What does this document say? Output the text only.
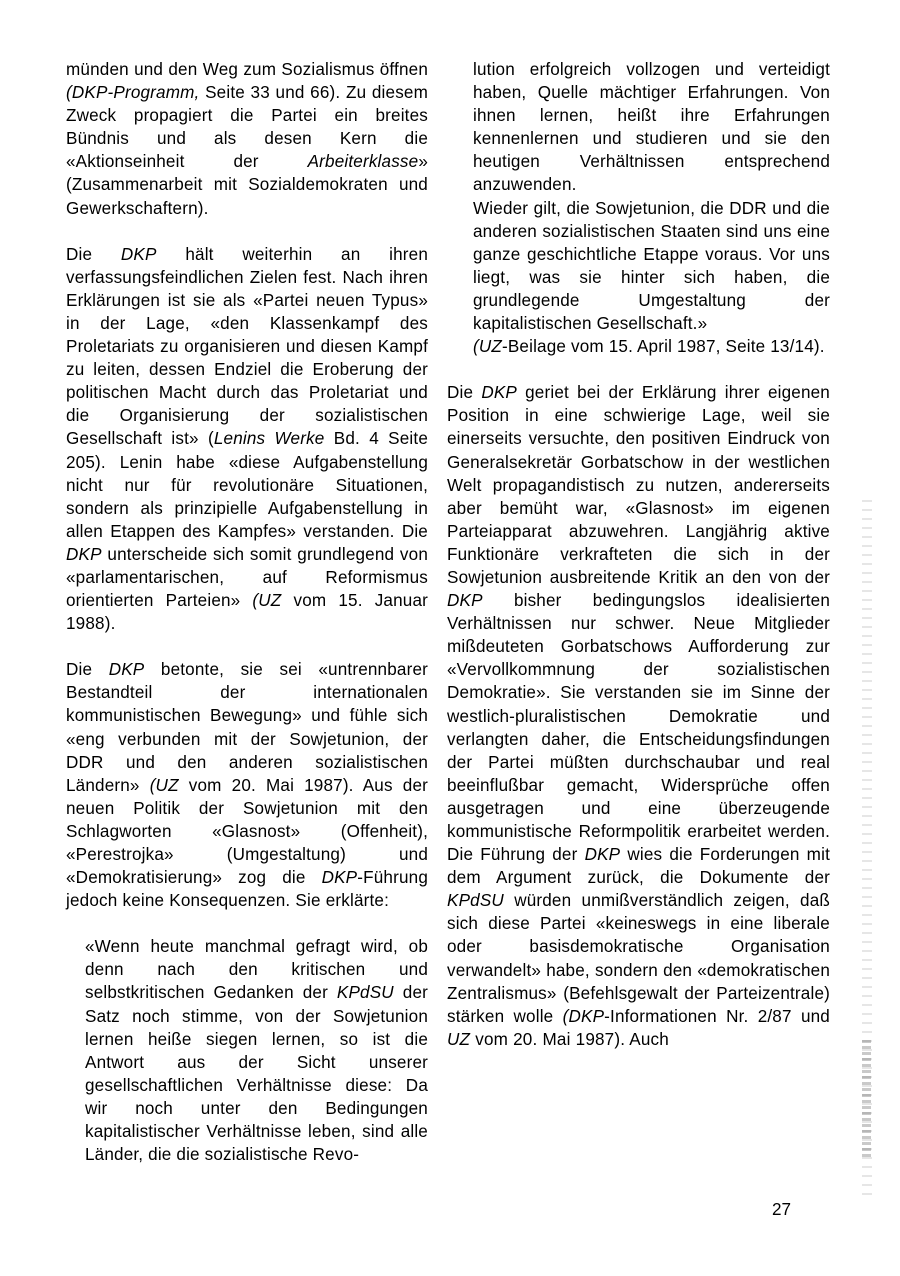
münden und den Weg zum Sozialismus öffnen (DKP-Programm, Seite 33 und 66). Zu diesem Zweck propagiert die Partei ein breites Bündnis und als desen Kern die «Aktionseinheit der Arbeiterklasse» (Zusammenarbeit mit Sozialdemokraten und Gewerkschaftern).

Die DKP hält weiterhin an ihren verfassungsfeindlichen Zielen fest. Nach ihren Erklärungen ist sie als «Partei neuen Typus» in der Lage, «den Klassenkampf des Proletariats zu organisieren und diesen Kampf zu leiten, dessen Endziel die Eroberung der politischen Macht durch das Proletariat und die Organisierung der sozialistischen Gesellschaft ist» (Lenins Werke Bd. 4 Seite 205). Lenin habe «diese Aufgabenstellung nicht nur für revolutionäre Situationen, sondern als prinzipielle Aufgabenstellung in allen Etappen des Kampfes» verstanden. Die DKP unterscheide sich somit grundlegend von «parlamentarischen, auf Reformismus orientierten Parteien» (UZ vom 15. Januar 1988).

Die DKP betonte, sie sei «untrennbarer Bestandteil der internationalen kommunistischen Bewegung» und fühle sich «eng verbunden mit der Sowjetunion, der DDR und den anderen sozialistischen Ländern» (UZ vom 20. Mai 1987). Aus der neuen Politik der Sowjetunion mit den Schlagworten «Glasnost» (Offenheit), «Perestrojka» (Umgestaltung) und «Demokratisierung» zog die DKP-Führung jedoch keine Konsequenzen. Sie erklärte:

«Wenn heute manchmal gefragt wird, ob denn nach den kritischen und selbstkritischen Gedanken der KPdSU der Satz noch stimme, von der Sowjetunion lernen heiße siegen lernen, so ist die Antwort aus der Sicht unserer gesellschaftlichen Verhältnisse diese: Da wir noch unter den Bedingungen kapitalistischer Verhältnisse leben, sind alle Länder, die die sozialistische Revo-

lution erfolgreich vollzogen und verteidigt haben, Quelle mächtiger Erfahrungen. Von ihnen lernen, heißt ihre Erfahrungen kennenlernen und studieren und sie den heutigen Verhältnissen entsprechend anzuwenden.

Wieder gilt, die Sowjetunion, die DDR und die anderen sozialistischen Staaten sind uns eine ganze geschichtliche Etappe voraus. Vor uns liegt, was sie hinter sich haben, die grundlegende Umgestaltung der kapitalistischen Gesellschaft.»

(UZ-Beilage vom 15. April 1987, Seite 13/14).

Die DKP geriet bei der Erklärung ihrer eigenen Position in eine schwierige Lage, weil sie einerseits versuchte, den positiven Eindruck von Generalsekretär Gorbatschow in der westlichen Welt propagandistisch zu nutzen, andererseits aber bemüht war, «Glasnost» im eigenen Parteiapparat abzuwehren. Langjährig aktive Funktionäre verkrafteten die sich in der Sowjetunion ausbreitende Kritik an den von der DKP bisher bedingungslos idealisierten Verhältnissen nur schwer. Neue Mitglieder mißdeuteten Gorbatschows Aufforderung zur «Vervollkommnung der sozialistischen Demokratie». Sie verstanden sie im Sinne der westlich-pluralistischen Demokratie und verlangten daher, die Entscheidungsfindungen der Partei müßten durchschaubar und real beeinflußbar gemacht, Widersprüche offen ausgetragen und eine überzeugende kommunistische Reformpolitik erarbeitet werden. Die Führung der DKP wies die Forderungen mit dem Argument zurück, die Dokumente der KPdSU würden unmißverständlich zeigen, daß sich diese Partei «keineswegs in eine liberale oder basisdemokratische Organisation verwandelt» habe, sondern den «demokratischen Zentralismus» (Befehlsgewalt der Parteizentrale) stärken wolle (DKP-Informationen Nr. 2/87 und UZ vom 20. Mai 1987). Auch

27
